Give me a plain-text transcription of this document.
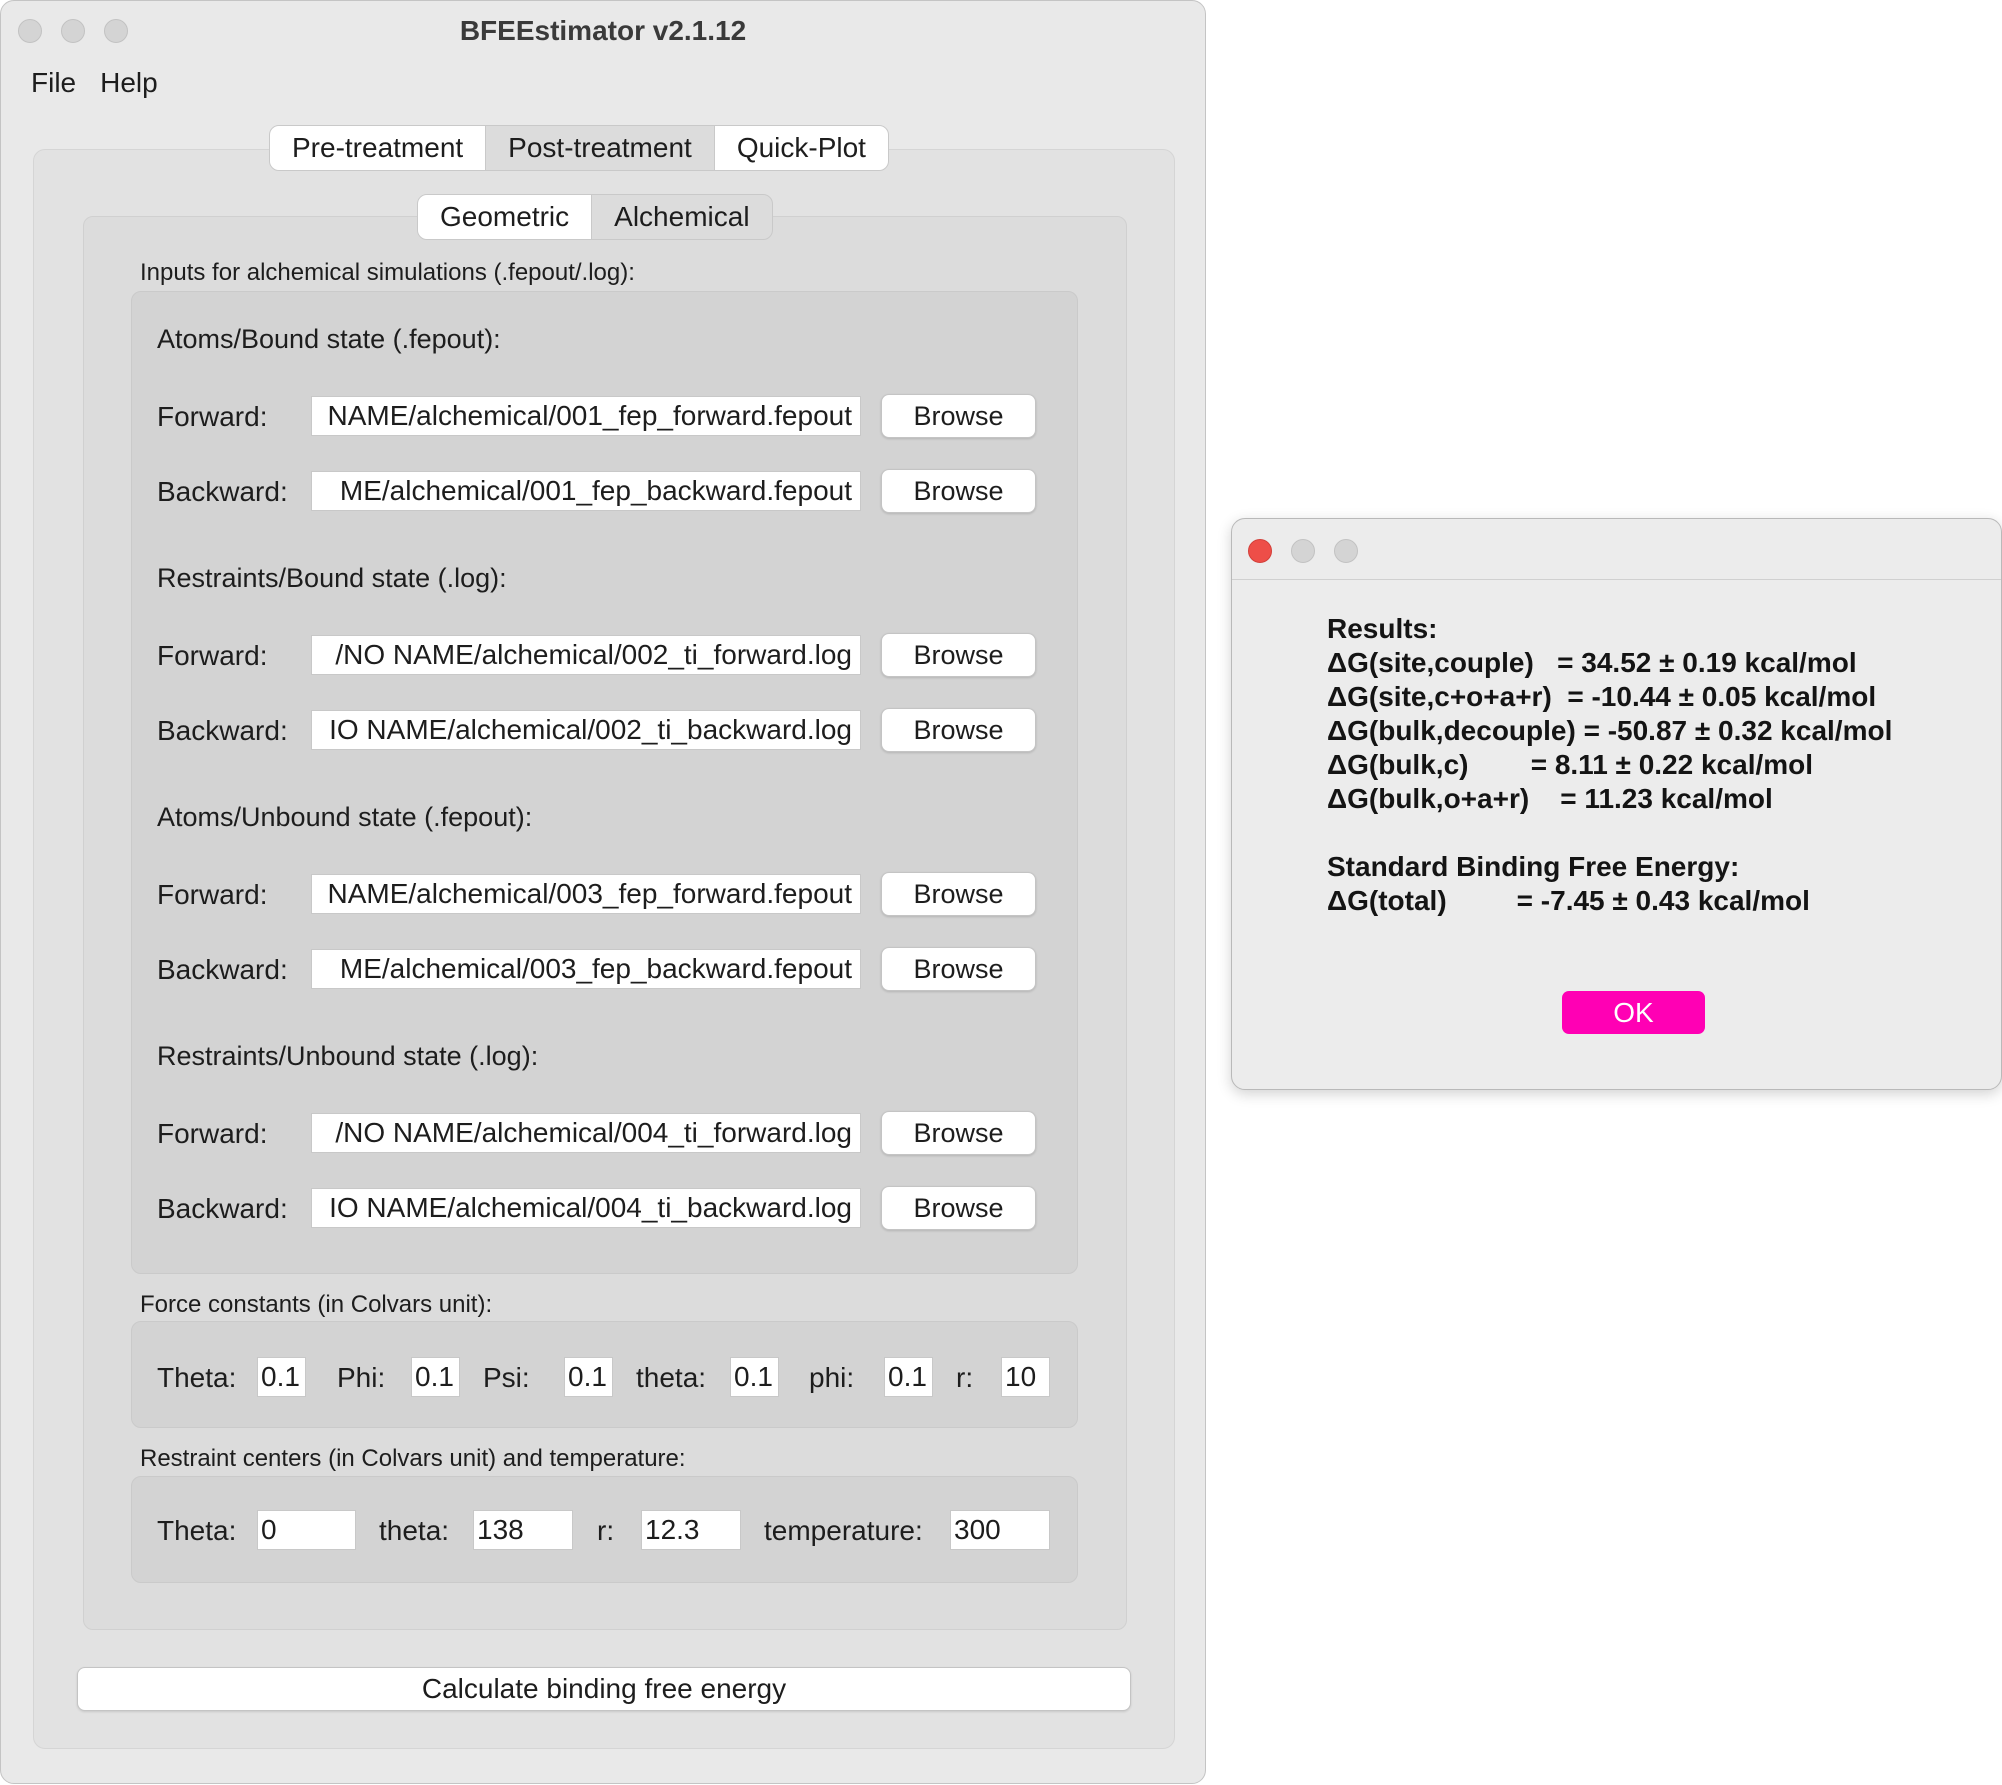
BFEEstimator v2.1.12
File Help
Pre-treatment	Post-treatment	Quick-Plot
Geometric	Alchemical
Inputs for alchemical simulations (.fepout/.log):
Atoms/Bound state (.fepout):
Forward:	NAME/alchemical/001_fep_forward.fepout	Browse
Backward:	ME/alchemical/001_fep_backward.fepout	Browse
Restraints/Bound state (.log):
Forward:	/NO NAME/alchemical/002_ti_forward.log	Browse
Backward:	IO NAME/alchemical/002_ti_backward.log	Browse
Atoms/Unbound state (.fepout):
Forward:	NAME/alchemical/003_fep_forward.fepout	Browse
Backward:	ME/alchemical/003_fep_backward.fepout	Browse
Restraints/Unbound state (.log):
Forward:	/NO NAME/alchemical/004_ti_forward.log	Browse
Backward:	IO NAME/alchemical/004_ti_backward.log	Browse
Force constants (in Colvars unit):
Theta: 0.1 Phi: 0.1 Psi: 0.1 theta: 0.1 phi: 0.1 r: 10
Restraint centers (in Colvars unit) and temperature:
Theta: 0	theta: 138	r: 12.3	temperature: 300
Calculate binding free energy
Results:
ΔG(site,couple)   = 34.52 ± 0.19 kcal/mol
ΔG(site,c+o+a+r)  = -10.44 ± 0.05 kcal/mol
ΔG(bulk,decouple) = -50.87 ± 0.32 kcal/mol
ΔG(bulk,c)        = 8.11 ± 0.22 kcal/mol
ΔG(bulk,o+a+r)    = 11.23 kcal/mol
Standard Binding Free Energy:
ΔG(total)         = -7.45 ± 0.43 kcal/mol
OK
